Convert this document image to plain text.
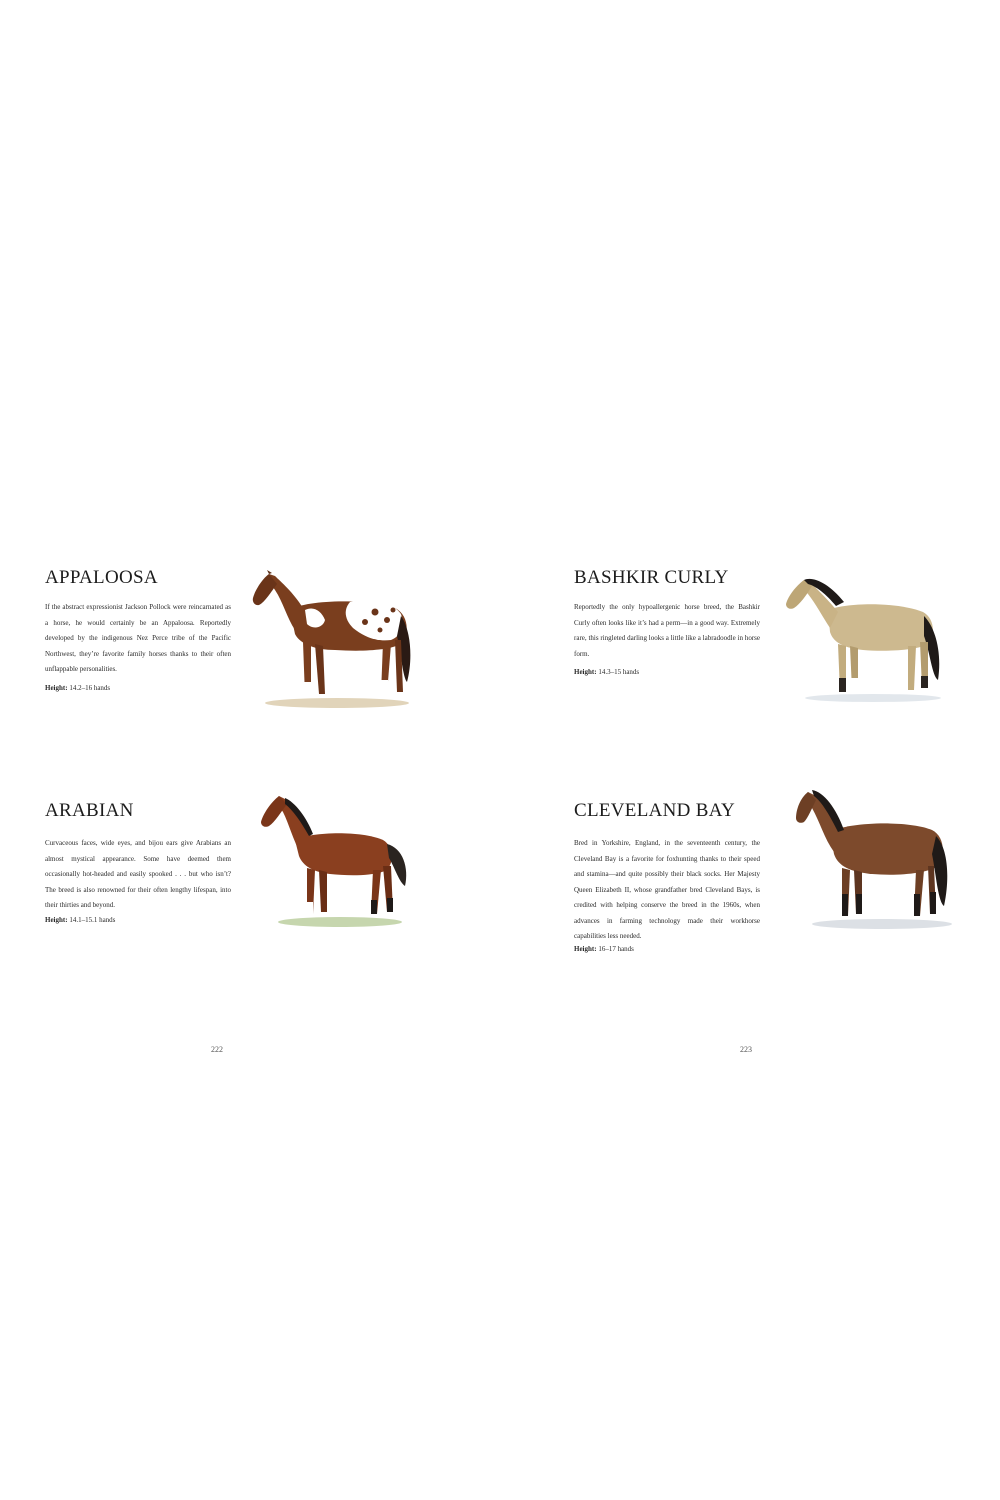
APPALOOSA

If the abstract expressionist Jackson Pollock were reincarnated as a horse, he would certainly be an Appaloosa. Reportedly developed by the indigenous Nez Perce tribe of the Pacific Northwest, they’re favorite family horses thanks to their often unflappable personalities.

Height: 14.2–16 hands
BASHKIR CURLY

Reportedly the only hypoallergenic horse breed, the Bashkir Curly often looks like it’s had a perm—in a good way. Extremely rare, this ringleted darling looks a little like a labradoodle in horse form.

Height: 14.3–15 hands
ARABIAN

Curvaceous faces, wide eyes, and bijou ears give Arabians an almost mystical appearance. Some have deemed them occasionally hot-headed and easily spooked . . . but who isn’t? The breed is also renowned for their often lengthy lifespan, into their thirties and beyond.

Height: 14.1–15.1 hands
CLEVELAND BAY

Bred in Yorkshire, England, in the seventeenth century, the Cleveland Bay is a favorite for foxhunting thanks to their speed and stamina—and quite possibly their black socks. Her Majesty Queen Elizabeth II, whose grandfather bred Cleveland Bays, is credited with helping conserve the breed in the 1960s, when advances in farming technology made their workhorse capabilities less needed.

Height: 16–17 hands
222	223
